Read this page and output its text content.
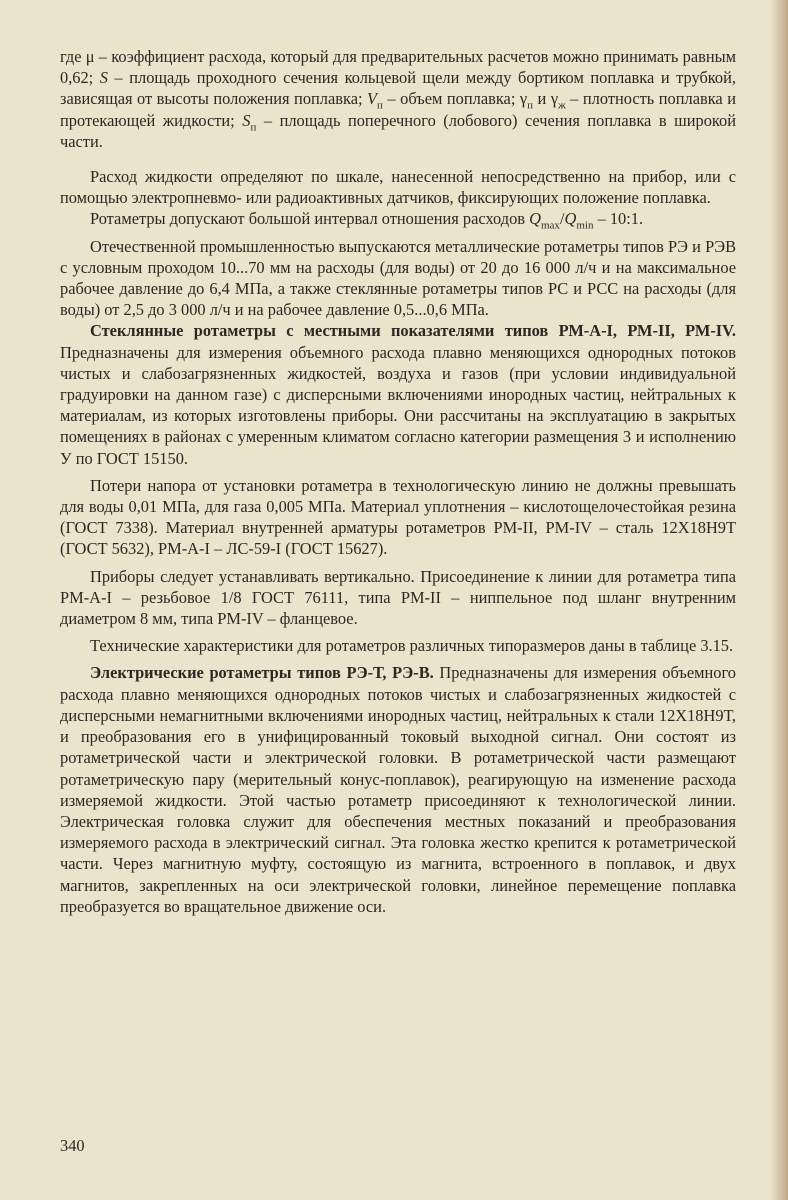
где μ – коэффициент расхода, который для предварительных расчетов можно принимать равным 0,62; S – площадь проходного сечения кольцевой щели между бортиком поплавка и трубкой, зависящая от высоты положения поплавка; $V_п$ – объем поплавка; $\gamma_п$ и $\gamma_ж$ – плотность поплавка и протекающей жидкости; $S_п$ – площадь поперечного (лобового) сечения поплавка в широкой части.

Расход жидкости определяют по шкале, нанесенной непосредственно на прибор, или с помощью электропневмо- или радиоактивных датчиков, фиксирующих положение поплавка.

Ротаметры допускают большой интервал отношения расходов $Q_{max}/Q_{min}$ – 10:1.

Отечественной промышленностью выпускаются металлические ротаметры типов РЭ и РЭВ с условным проходом 10...70 мм на расходы (для воды) от 20 до 16 000 л/ч и на максимальное рабочее давление до 6,4 МПа, а также стеклянные ротаметры типов РС и РСС на расходы (для воды) от 2,5 до 3 000 л/ч и на рабочее давление 0,5...0,6 МПа.

Стеклянные ротаметры с местными показателями типов РМ-А-I, РМ-II, РМ-IV. Предназначены для измерения объемного расхода плавно меняющихся однородных потоков чистых и слабозагрязненных жидкостей, воздуха и газов (при условии индивидуальной градуировки на данном газе) с дисперсными включениями инородных частиц, нейтральных к материалам, из которых изготовлены приборы. Они рассчитаны на эксплуатацию в закрытых помещениях в районах с умеренным климатом согласно категории размещения 3 и исполнению У по ГОСТ 15150.

Потери напора от установки ротаметра в технологическую линию не должны превышать для воды 0,01 МПа, для газа 0,005 МПа. Материал уплотнения – кислотощелочестойкая резина (ГОСТ 7338). Материал внутренней арматуры ротаметров РМ-II, РМ-IV – сталь 12Х18Н9Т (ГОСТ 5632), РМ-А-I – ЛС-59-I (ГОСТ 15627).

Приборы следует устанавливать вертикально. Присоединение к линии для ротаметра типа РМ-А-I – резьбовое 1/8 ГОСТ 76111, типа РМ-II – ниппельное под шланг внутренним диаметром 8 мм, типа РМ-IV – фланцевое.

Технические характеристики для ротаметров различных типоразмеров даны в таблице 3.15.

Электрические ротаметры типов РЭ-Т, РЭ-В. Предназначены для измерения объемного расхода плавно меняющихся однородных потоков чистых и слабозагрязненных жидкостей с дисперсными немагнитными включениями инородных частиц, нейтральных к стали 12Х18Н9Т, и преобразования его в унифицированный токовый выходной сигнал. Они состоят из ротаметрической части и электрической головки. В ротаметрической части размещают ротаметрическую пару (мерительный конус-поплавок), реагирующую на изменение расхода измеряемой жидкости. Этой частью ротаметр присоединяют к технологической линии. Электрическая головка служит для обеспечения местных показаний и преобразования измеряемого расхода в электрический сигнал. Эта головка жестко крепится к ротаметрической части. Через магнитную муфту, состоящую из магнита, встроенного в поплавок, и двух магнитов, закрепленных на оси электрической головки, линейное перемещение поплавка преобразуется во вращательное движение оси.

340
